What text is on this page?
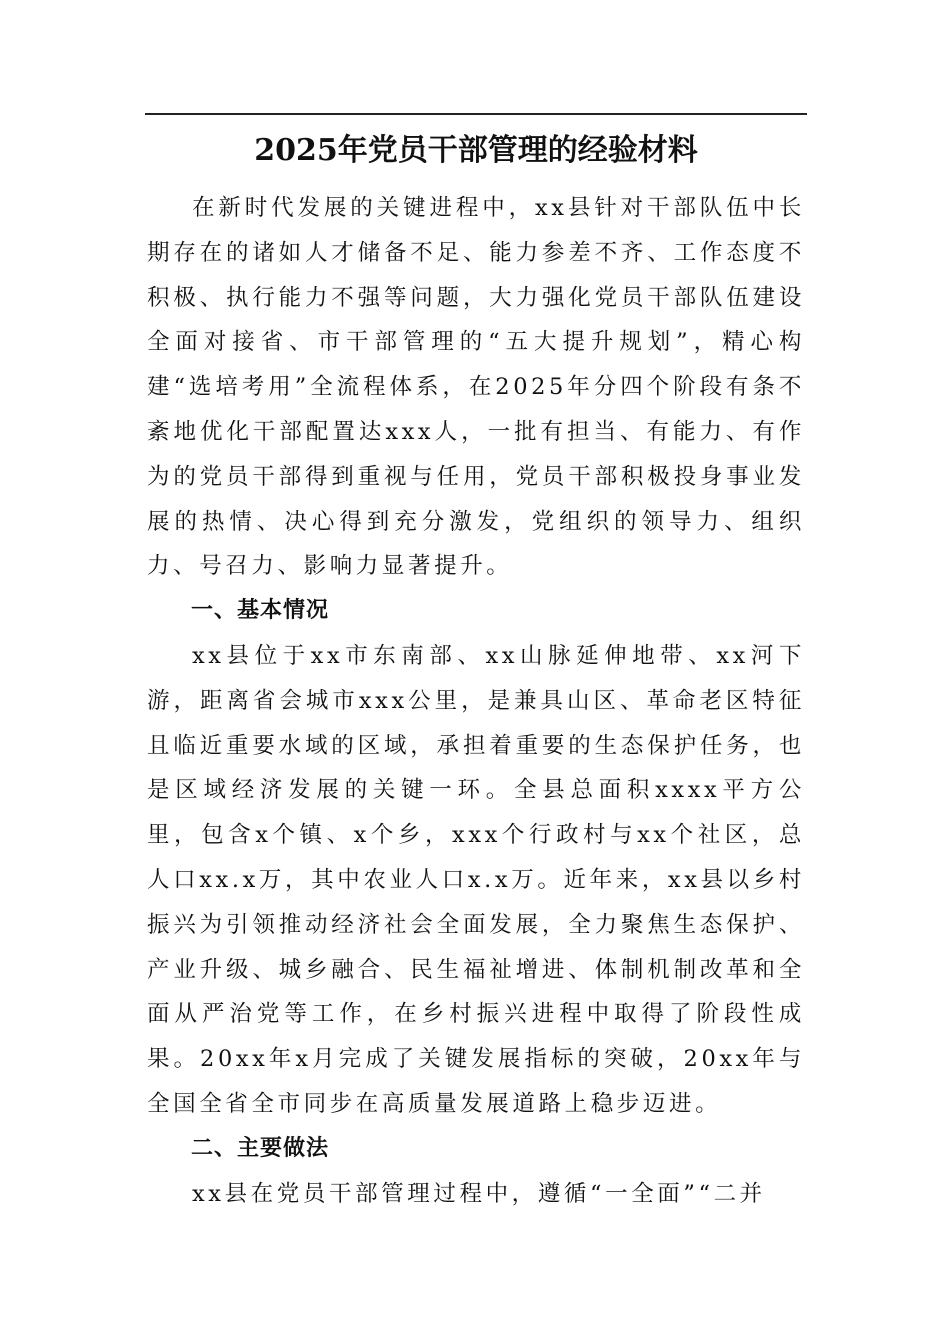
2025年党员干部管理的经验材料

在新时代发展的关键进程中，xx县针对干部队伍中长期存在的诸如人才储备不足、能力参差不齐、工作态度不积极、执行能力不强等问题，大力强化党员干部队伍建设全面对接省、市干部管理的“五大提升规划”，精心构建“选培考用”全流程体系，在2025年分四个阶段有条不紊地优化干部配置达xxx人，一批有担当、有能力、有作为的党员干部得到重视与任用，党员干部积极投身事业发展的热情、决心得到充分激发，党组织的领导力、组织力、号召力、影响力显著提升。

一、基本情况

xx县位于xx市东南部、xx山脉延伸地带、xx河下游，距离省会城市xxx公里，是兼具山区、革命老区特征且临近重要水域的区域，承担着重要的生态保护任务，也是区域经济发展的关键一环。全县总面积xxxx平方公里，包含x个镇、x个乡，xxx个行政村与xx个社区，总人口xx.x万，其中农业人口x.x万。近年来，xx县以乡村振兴为引领推动经济社会全面发展，全力聚焦生态保护、产业升级、城乡融合、民生福祉增进、体制机制改革和全面从严治党等工作，在乡村振兴进程中取得了阶段性成果。20xx年x月完成了关键发展指标的突破，20xx年与全国全省全市同步在高质量发展道路上稳步迈进。

二、主要做法

xx县在党员干部管理过程中，遵循“一全面”“二并
